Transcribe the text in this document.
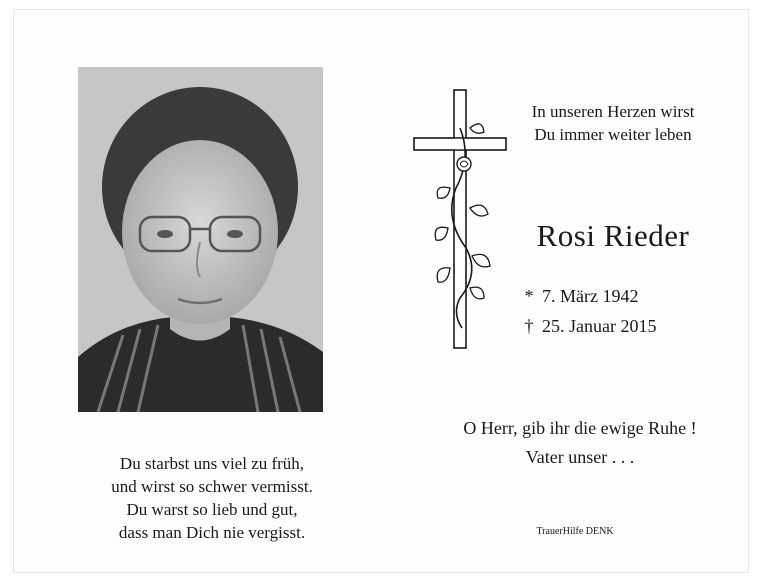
Du starbst uns viel zu früh,
und wirst so schwer vermisst.
Du warst so lieb und gut,
dass man Dich nie vergisst.
In unseren Herzen wirst
Du immer weiter leben
Rosi Rieder
* 7. März 1942
† 25. Januar 2015
O Herr, gib ihr die ewige Ruhe !
Vater unser . . .
TrauerHilfe DENK
